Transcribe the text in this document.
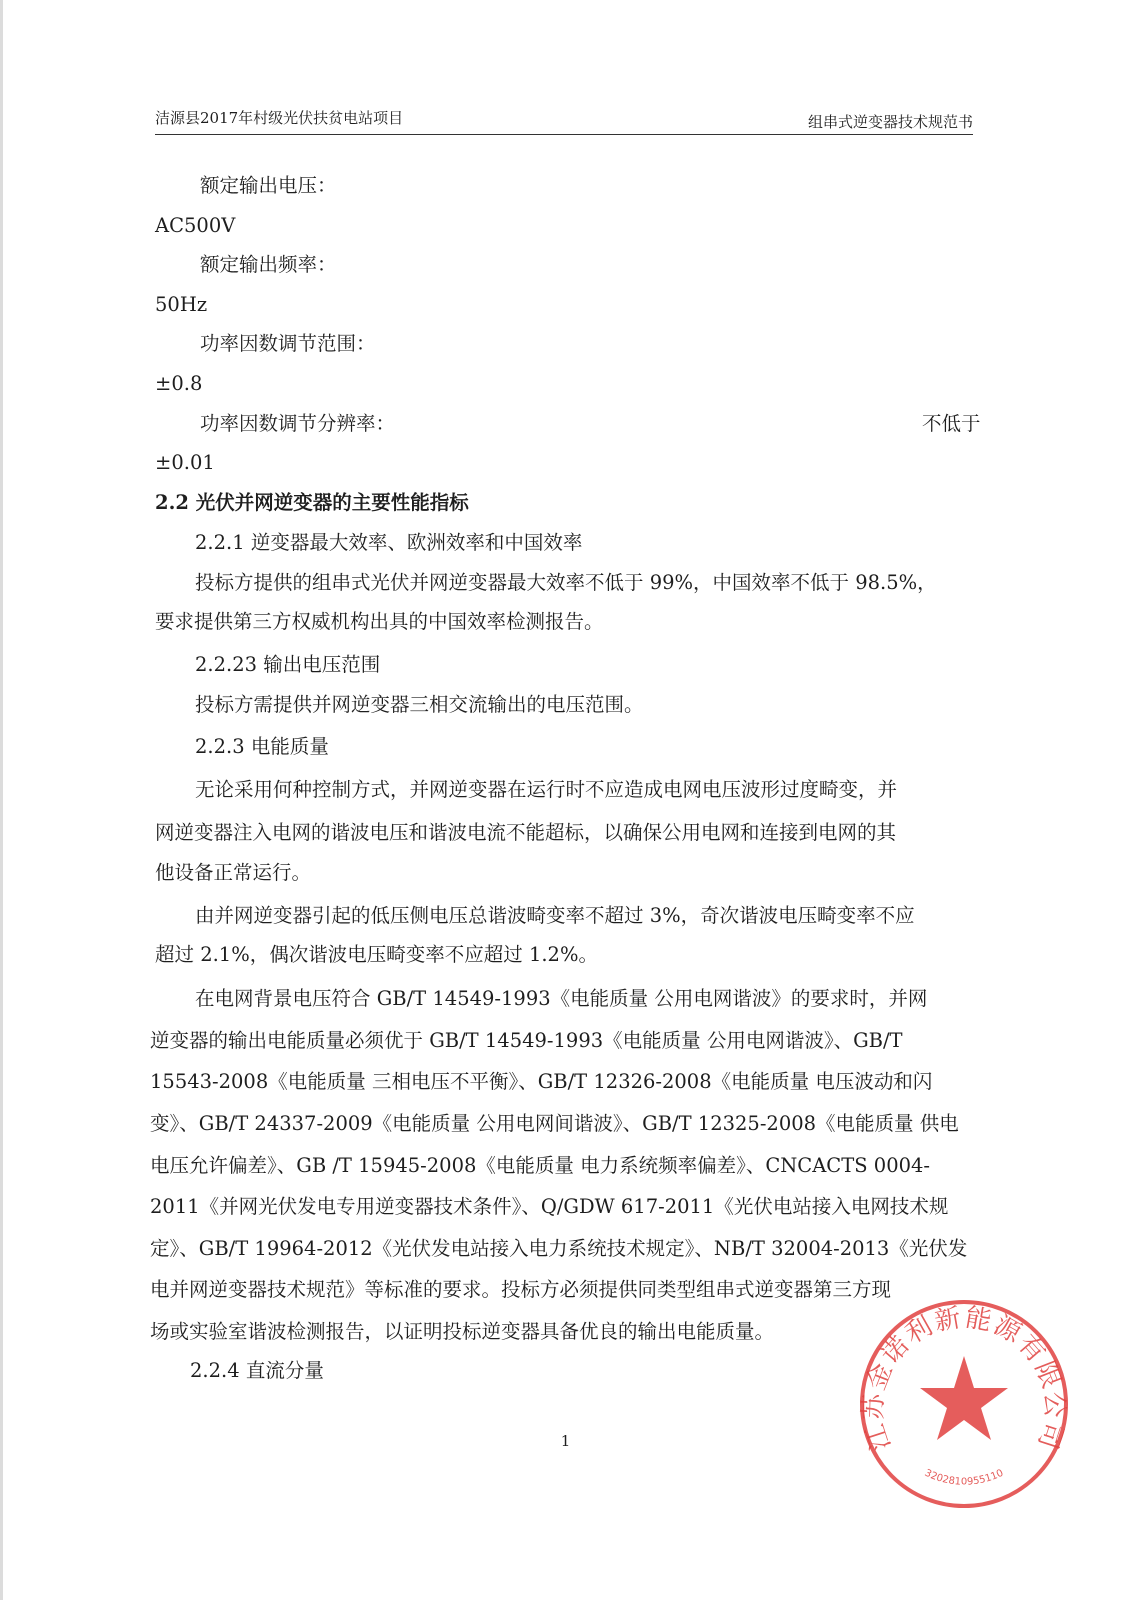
洁源县2017年村级光伏扶贫电站项目	组串式逆变器技术规范书
额定输出电压：
AC500V
额定输出频率：
50Hz
功率因数调节范围：
±0.8
功率因数调节分辨率：	不低于
±0.01
2.2 光伏并网逆变器的主要性能指标
2.2.1 逆变器最大效率、欧洲效率和中国效率
投标方提供的组串式光伏并网逆变器最大效率不低于 99%，中国效率不低于 98.5%，
要求提供第三方权威机构出具的中国效率检测报告。
2.2.23 输出电压范围
投标方需提供并网逆变器三相交流输出的电压范围。
2.2.3 电能质量
无论采用何种控制方式，并网逆变器在运行时不应造成电网电压波形过度畸变，并
网逆变器注入电网的谐波电压和谐波电流不能超标，以确保公用电网和连接到电网的其
他设备正常运行。
由并网逆变器引起的低压侧电压总谐波畸变率不超过 3%，奇次谐波电压畸变率不应
超过 2.1%，偶次谐波电压畸变率不应超过 1.2%。
在电网背景电压符合 GB/T 14549-1993《电能质量 公用电网谐波》的要求时，并网
逆变器的输出电能质量必须优于 GB/T 14549-1993《电能质量 公用电网谐波》、GB/T
15543-2008《电能质量 三相电压不平衡》、GB/T 12326-2008《电能质量 电压波动和闪
变》、GB/T 24337-2009《电能质量 公用电网间谐波》、GB/T 12325-2008《电能质量 供电
电压允许偏差》、GB /T 15945-2008《电能质量 电力系统频率偏差》、CNCACTS 0004-
2011《并网光伏发电专用逆变器技术条件》、Q/GDW 617-2011《光伏电站接入电网技术规
定》、GB/T 19964-2012《光伏发电站接入电力系统技术规定》、NB/T 32004-2013《光伏发
电并网逆变器技术规范》等标准的要求。投标方必须提供同类型组串式逆变器第三方现
场或实验室谐波检测报告，以证明投标逆变器具备优良的输出电能质量。
2.2.4 直流分量
1	江苏金诺利新能源有限公司
3202810955110
